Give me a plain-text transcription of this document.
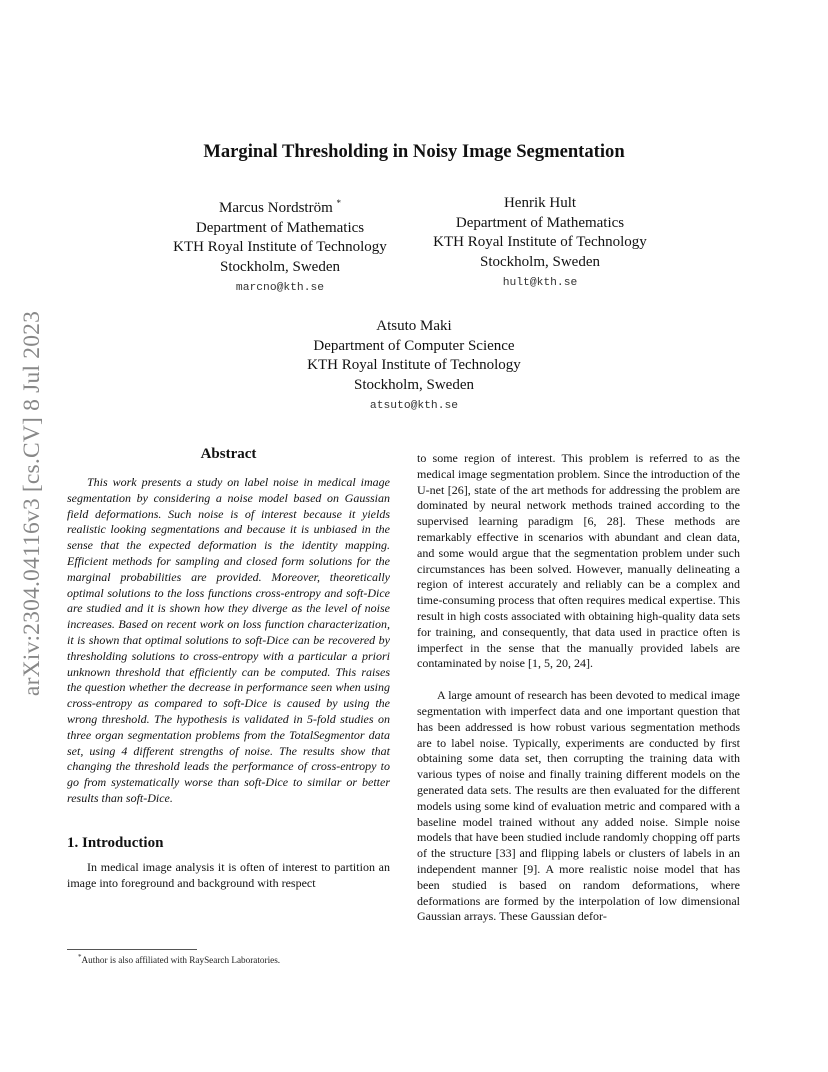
arXiv:2304.04116v3 [cs.CV] 8 Jul 2023
Marginal Thresholding in Noisy Image Segmentation
Marcus Nordström *
Department of Mathematics
KTH Royal Institute of Technology
Stockholm, Sweden
marcno@kth.se
Henrik Hult
Department of Mathematics
KTH Royal Institute of Technology
Stockholm, Sweden
hult@kth.se
Atsuto Maki
Department of Computer Science
KTH Royal Institute of Technology
Stockholm, Sweden
atsuto@kth.se
Abstract

This work presents a study on label noise in medical image segmentation by considering a noise model based on Gaussian field deformations. Such noise is of interest because it yields realistic looking segmentations and because it is unbiased in the sense that the expected deformation is the identity mapping. Efficient methods for sampling and closed form solutions for the marginal probabilities are provided. Moreover, theoretically optimal solutions to the loss functions cross-entropy and soft-Dice are studied and it is shown how they diverge as the level of noise increases. Based on recent work on loss function characterization, it is shown that optimal solutions to soft-Dice can be recovered by thresholding solutions to cross-entropy with a particular a priori unknown threshold that efficiently can be computed. This raises the question whether the decrease in performance seen when using cross-entropy as compared to soft-Dice is caused by using the wrong threshold. The hypothesis is validated in 5-fold studies on three organ segmentation problems from the TotalSegmentor data set, using 4 different strengths of noise. The results show that changing the threshold leads the performance of cross-entropy to go from systematically worse than soft-Dice to similar or better results than soft-Dice.

1. Introduction

In medical image analysis it is often of interest to partition an image into foreground and background with respect

to some region of interest. This problem is referred to as the medical image segmentation problem. Since the introduction of the U-net [26], state of the art methods for addressing the problem are dominated by neural network methods trained according to the supervised learning paradigm [6, 28]. These methods are remarkably effective in scenarios with abundant and clean data, and some would argue that the segmentation problem under such circumstances has been solved. However, manually delineating a region of interest accurately and reliably can be a complex and time-consuming process that often requires medical expertise. This result in high costs associated with obtaining high-quality data sets for training, and consequently, that data used in practice often is imperfect in the sense that the manually provided labels are contaminated by noise [1, 5, 20, 24].

A large amount of research has been devoted to medical image segmentation with imperfect data and one important question that has been addressed is how robust various segmentation methods are to label noise. Typically, experiments are conducted by first obtaining some data set, then corrupting the training data with various types of noise and finally training different models on the generated data sets. The results are then evaluated for the different models using some kind of evaluation metric and compared with a baseline model trained without any added noise. Simple noise models that have been studied include randomly chopping off parts of the structure [33] and flipping labels or clusters of labels in an independent manner [9]. A more realistic noise model that has been studied is based on random deformations, where deformations are formed by the interpolation of low dimensional Gaussian arrays. These Gaussian defor-

*Author is also affiliated with RaySearch Laboratories.
